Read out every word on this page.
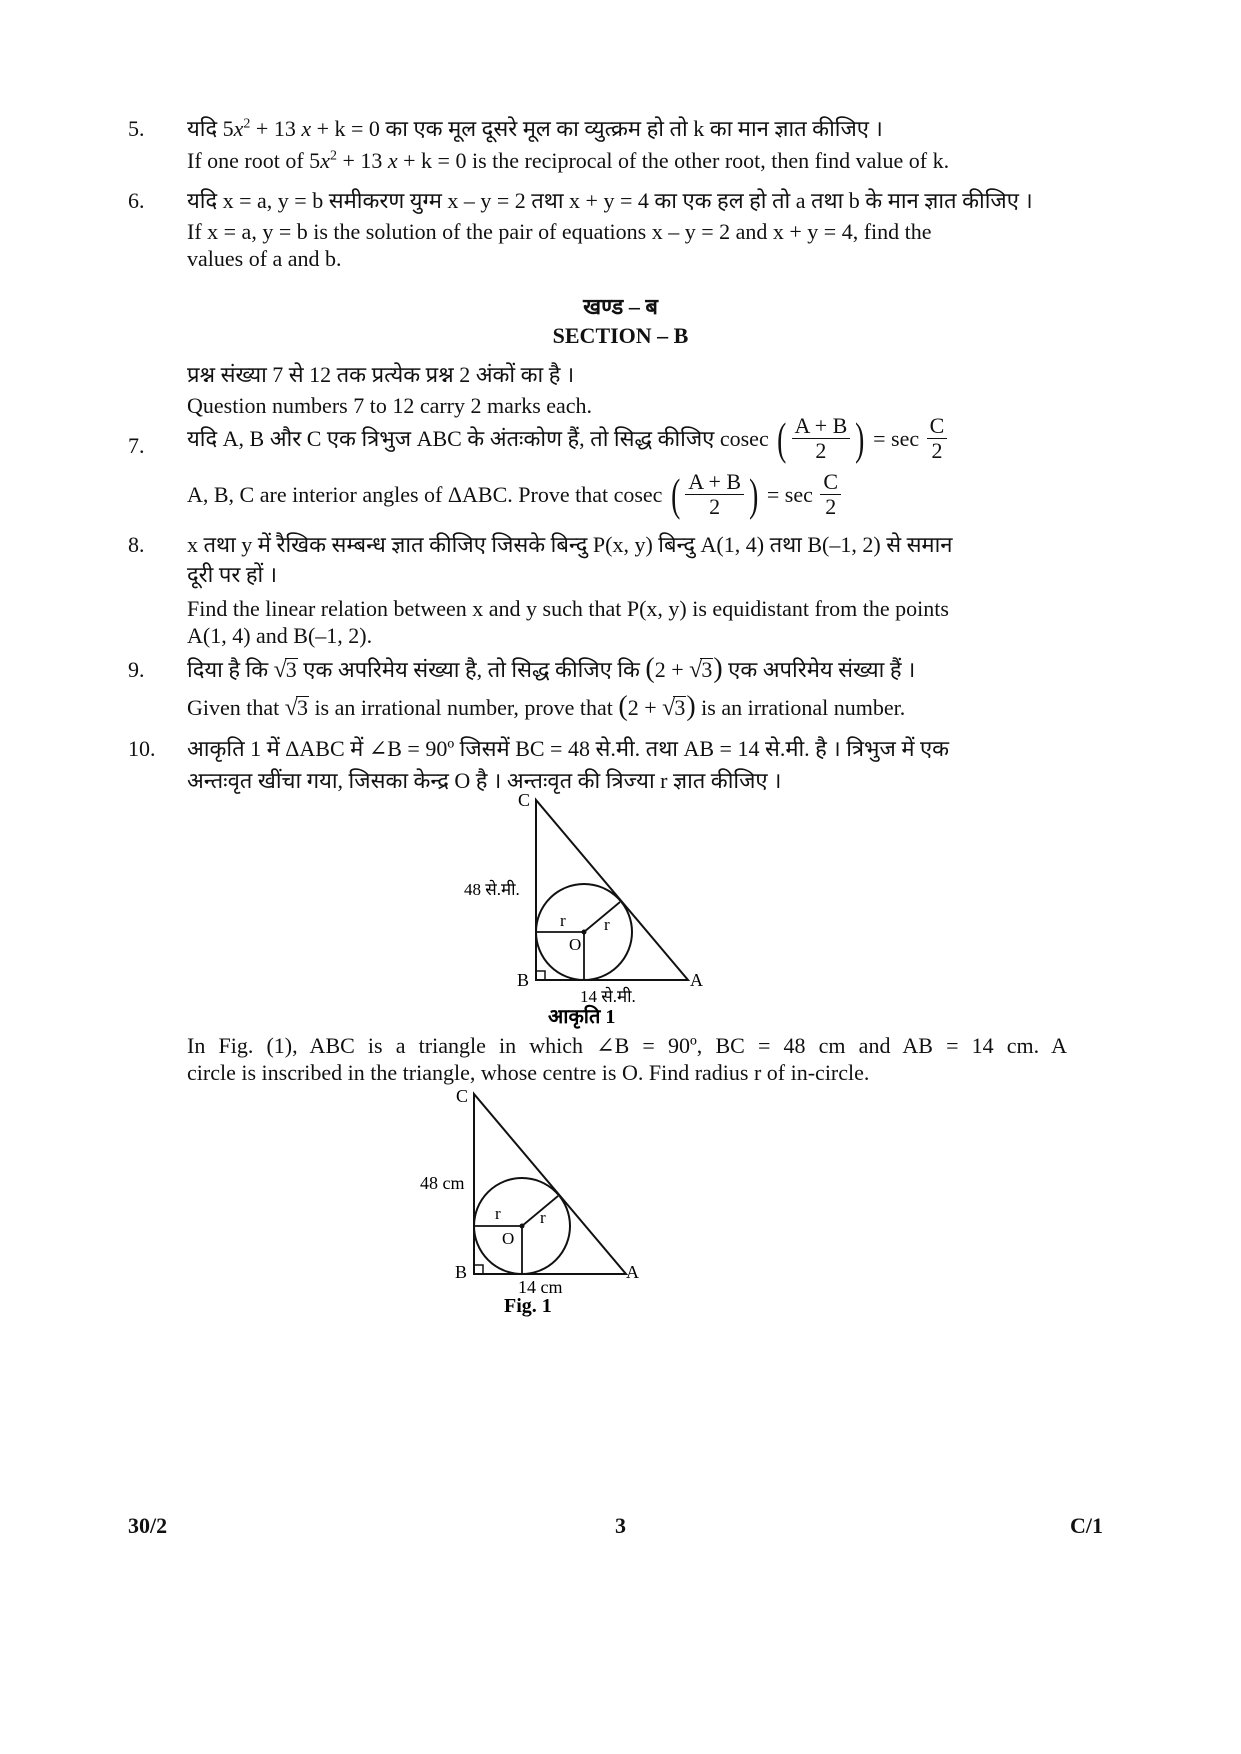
5. यदि $5x^2 + 13$ x + k = 0 का एक मूल दूसरे मूल का व्युत्क्रम हो तो k का मान ज्ञात कीजिए ।
If one root of $5x^2 + 13$ x + k = 0 is the reciprocal of the other root, then find value of k.
6. यदि x = a, y = b समीकरण युग्म x – y = 2 तथा x + y = 4 का एक हल हो तो a तथा b के मान ज्ञात कीजिए ।
If x = a, y = b is the solution of the pair of equations x – y = 2 and x + y = 4, find the
values of a and b.
खण्ड – ब
SECTION – B
प्रश्न संख्या 7 से 12 तक प्रत्येक प्रश्न 2 अंकों का है ।
Question numbers 7 to 12 carry 2 marks each.
7. यदि A, B और C एक त्रिभुज ABC के अंतःकोण हैं, तो सिद्ध कीजिए cosec ( $\frac{A + B}{2}$ ) = $\sec \frac{C}{2}$
A, B, C are interior angles of ΔABC. Prove that cosec ( $\frac{A + B}{2}$ ) = $\sec \frac{C}{2}$
8. x तथा y में रैखिक सम्बन्ध ज्ञात कीजिए जिसके बिन्दु P(x, y) बिन्दु A(1, 4) तथा B(–1, 2) से समान
दूरी पर हों ।
Find the linear relation between x and y such that P(x, y) is equidistant from the points
A(1, 4) and B(–1, 2).
9. दिया है कि √3 एक अपरिमेय संख्या है, तो सिद्ध कीजिए कि (2 + √3) एक अपरिमेय संख्या हैं ।
Given that √3 is an irrational number, prove that (2 + √3) is an irrational number.
10. आकृति 1 में ΔABC में ∠B = 90º जिसमें BC = 48 से.मी. तथा AB = 14 से.मी. है । त्रिभुज में एक
अन्तःवृत खींचा गया, जिसका केन्द्र O है । अन्तःवृत की त्रिज्या r ज्ञात कीजिए ।
C
B	A
O
r r
48 से.मी.
14 से.मी.
आकृति 1
In Fig. (1), ABC is a triangle in which ∠B = 90º, BC = 48 cm and AB = 14 cm. A
circle is inscribed in the triangle, whose centre is O. Find radius r of in-circle.
C
B	A
O
r r
48 cm
14 cm
Fig. 1
30/2	3	C/1
